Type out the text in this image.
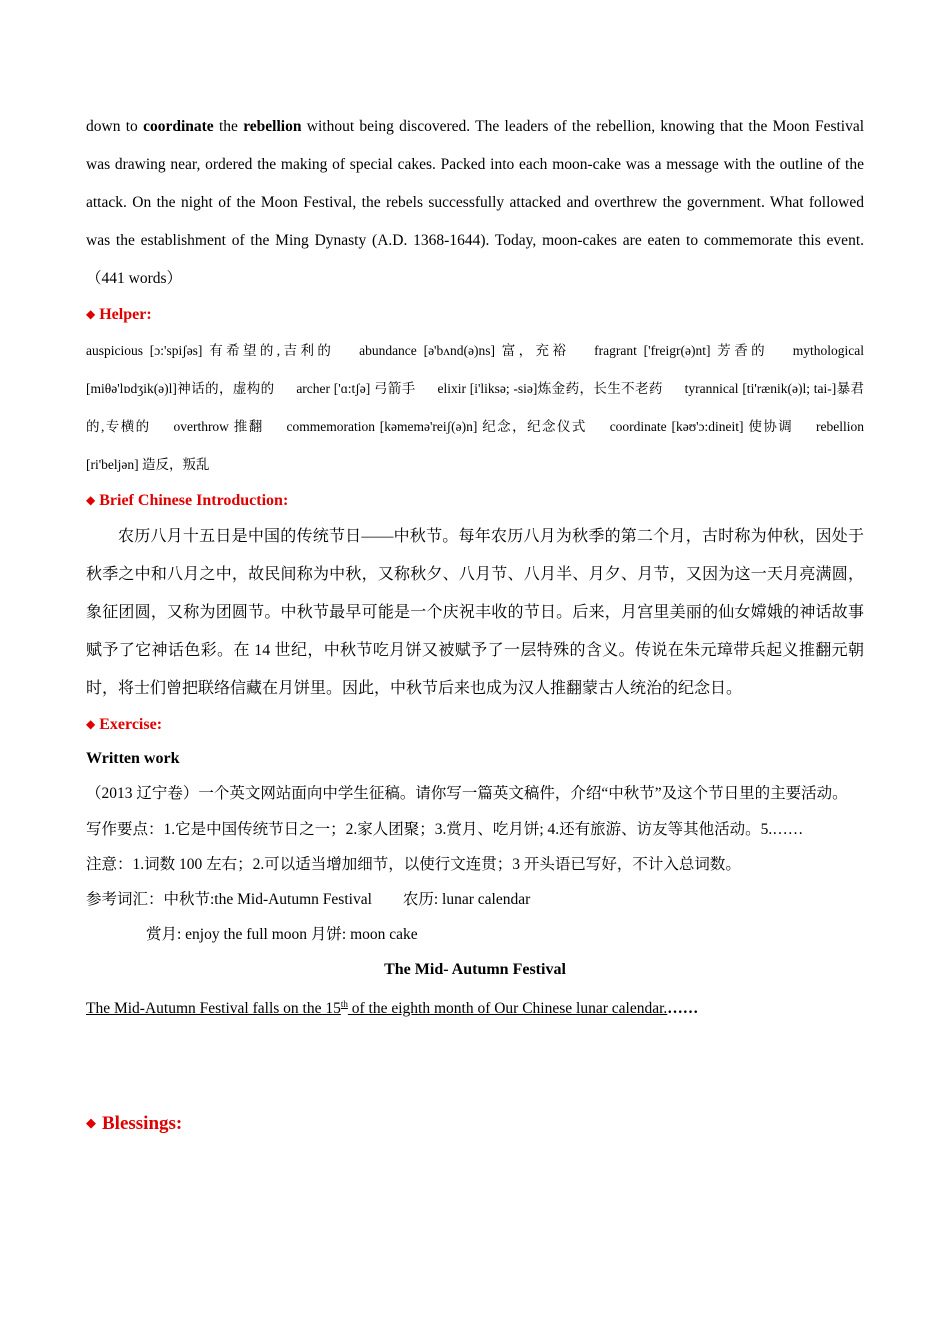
down to coordinate the rebellion without being discovered. The leaders of the rebellion, knowing that the Moon Festival was drawing near, ordered the making of special cakes. Packed into each moon-cake was a message with the outline of the attack. On the night of the Moon Festival, the rebels successfully attacked and overthrew the government. What followed was the establishment of the Ming Dynasty (A.D. 1368-1644). Today, moon-cakes are eaten to commemorate this event.（441 words）

◆ Helper:

auspicious [ɔ:'spiʃəs] 有希望的,吉利的 abundance [ə'bʌnd(ə)ns] 富，充裕 fragrant ['freigr(ə)nt] 芳香的 mythological [miθə'lɒdʒik(ə)l]神话的，虚构的 archer ['ɑ:tʃə] 弓箭手 elixir [i'liksə; -siə]炼金药，长生不老药 tyrannical [ti'rænik(ə)l; tai-]暴君的,专横的 overthrow 推翻 commemoration [kəmemə'reiʃ(ə)n] 纪念，纪念仪式 coordinate [kəʊ'ɔ:dineit] 使协调 rebellion [ri'beljən] 造反，叛乱

◆ Brief Chinese Introduction:

农历八月十五日是中国的传统节日——中秋节。每年农历八月为秋季的第二个月，古时称为仲秋，因处于秋季之中和八月之中，故民间称为中秋，又称秋夕、八月节、八月半、月夕、月节，又因为这一天月亮满圆，象征团圆，又称为团圆节。中秋节最早可能是一个庆祝丰收的节日。后来，月宫里美丽的仙女嫦娥的神话故事赋予了它神话色彩。在 14 世纪，中秋节吃月饼又被赋予了一层特殊的含义。传说在朱元璋带兵起义推翻元朝时，将士们曾把联络信藏在月饼里。因此，中秋节后来也成为汉人推翻蒙古人统治的纪念日。

◆ Exercise:

Written work

（2013 辽宁卷）一个英文网站面向中学生征稿。请你写一篇英文稿件，介绍“中秋节”及这个节日里的主要活动。

写作要点：1.它是中国传统节日之一；2.家人团聚；3.赏月、吃月饼; 4.还有旅游、访友等其他活动。5.……

注意：1.词数 100 左右；2.可以适当增加细节，以使行文连贯；3 开头语已写好，不计入总词数。

参考词汇：中秋节:the Mid-Autumn Festival　　农历: lunar calendar

赏月: enjoy the full moon 月饼: moon cake

The Mid- Autumn Festival

The Mid-Autumn Festival falls on the 15th of the eighth month of Our Chinese lunar calendar.……

◆ Blessings:
